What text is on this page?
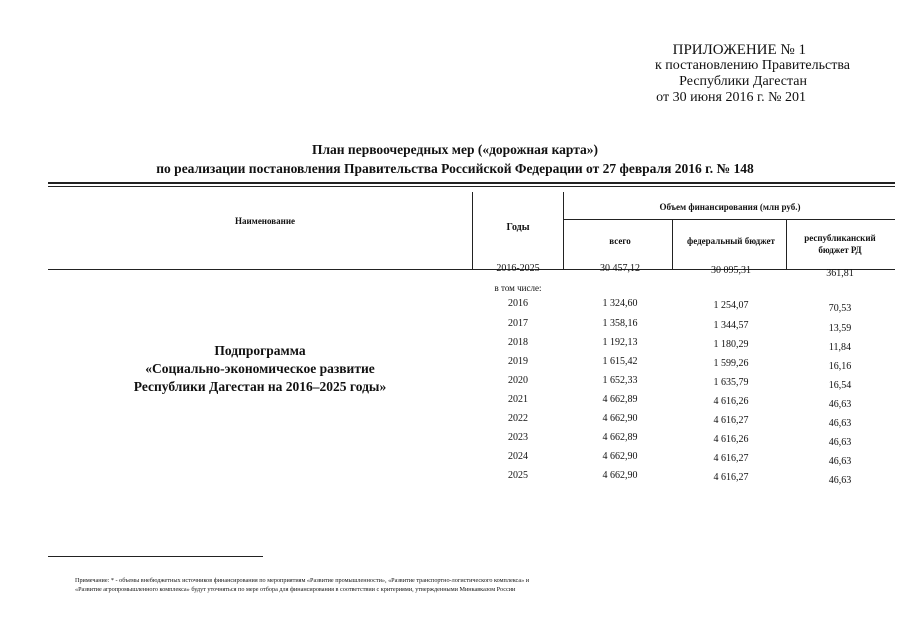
ПРИЛОЖЕНИЕ № 1
к постановлению Правительства
Республики Дагестан
от 30 июня 2016 г. № 201
План первоочередных мер («дорожная карта»)
по реализации постановления Правительства Российской Федерации от 27 февраля 2016 г. № 148
Наименование
Годы
Объем финансирования (млн руб.)
всего	федеральный бюджет	республиканский
бюджет РД
Подпрограмма
«Социально-экономическое развитие
Республики Дагестан на 2016–2025 годы»
в том числе:
2016-2025	30 457,12	30 095,31	361,81
2016	1 324,60	1 254,07	70,53
2017	1 358,16	1 344,57	13,59
2018	1 192,13	1 180,29	11,84
2019	1 615,42	1 599,26	16,16
2020	1 652,33	1 635,79	16,54
2021	4 662,89	4 616,26	46,63
2022	4 662,90	4 616,27	46,63
2023	4 662,89	4 616,26	46,63
2024	4 662,90	4 616,27	46,63
2025	4 662,90	4 616,27	46,63
Примечание: * - объемы внебюджетных источников финансирования по мероприятиям «Развитие промышленности», «Развитие транспортно-логистического комплекса» и
«Развитие агропромышленного комплекса» будут уточняться по мере отбора для финансирования в соответствии с критериями, утвержденными Минкавказом России
